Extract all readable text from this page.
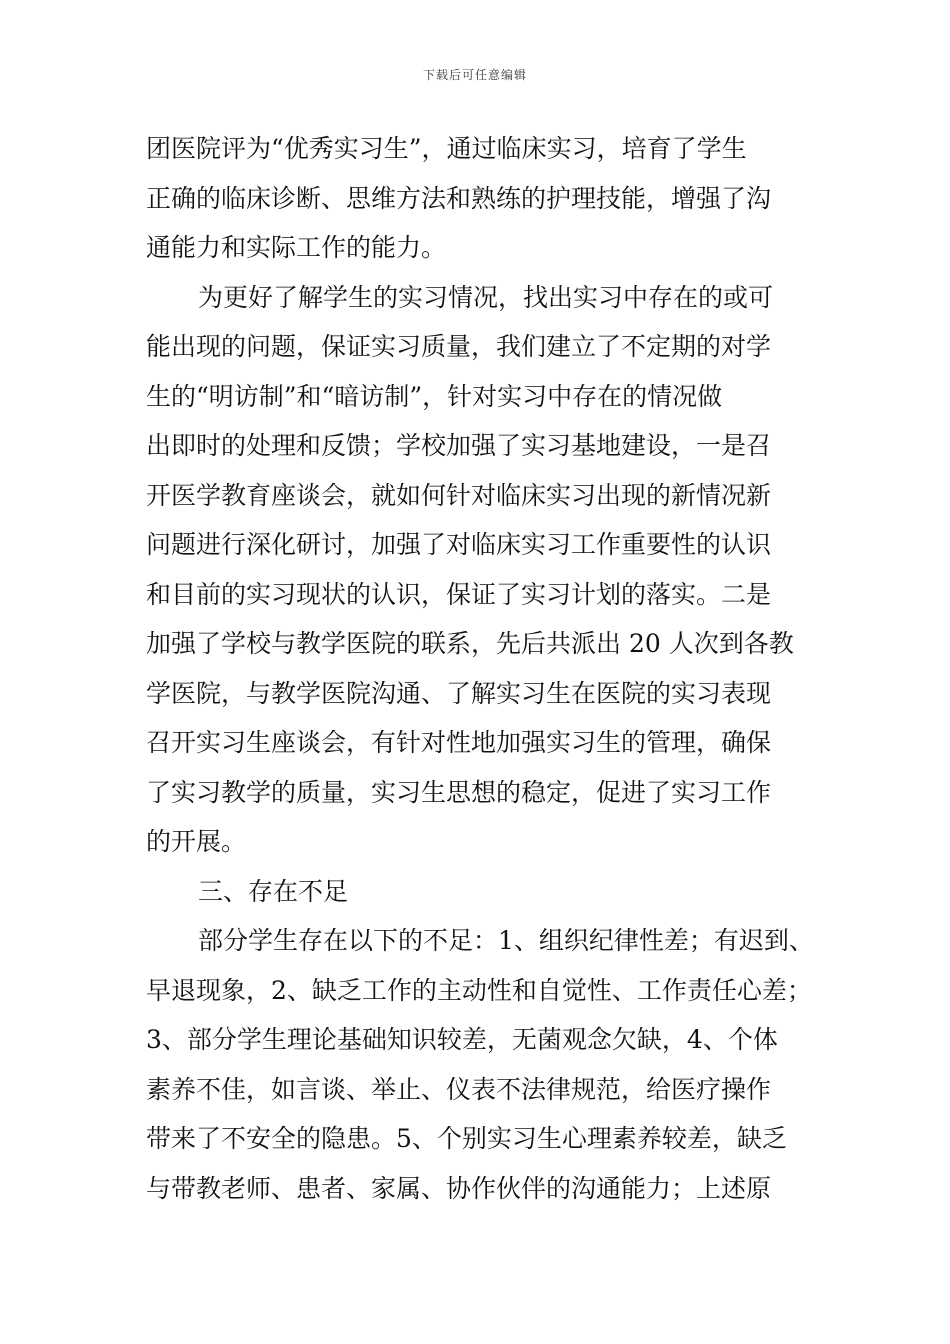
下载后可任意编辑
团医院评为“优秀实习生”，通过临床实习，培育了学生
正确的临床诊断、思维方法和熟练的护理技能，增强了沟
通能力和实际工作的能力。
为更好了解学生的实习情况，找出实习中存在的或可
能出现的问题，保证实习质量，我们建立了不定期的对学
生的“明访制”和“暗访制”，针对实习中存在的情况做
出即时的处理和反馈；学校加强了实习基地建设，一是召
开医学教育座谈会，就如何针对临床实习出现的新情况新
问题进行深化研讨，加强了对临床实习工作重要性的认识
和目前的实习现状的认识，保证了实习计划的落实。二是
加强了学校与教学医院的联系，先后共派出 20 人次到各教
学医院，与教学医院沟通、了解实习生在医院的实习表现
召开实习生座谈会，有针对性地加强实习生的管理，确保
了实习教学的质量，实习生思想的稳定，促进了实习工作
的开展。
三、存在不足
部分学生存在以下的不足：1、组织纪律性差；有迟到、
早退现象，2、缺乏工作的主动性和自觉性、工作责任心差；
3、部分学生理论基础知识较差，无菌观念欠缺，4、个体
素养不佳，如言谈、举止、仪表不法律规范，给医疗操作
带来了不安全的隐患。5、个别实习生心理素养较差，缺乏
与带教老师、患者、家属、协作伙伴的沟通能力；上述原
